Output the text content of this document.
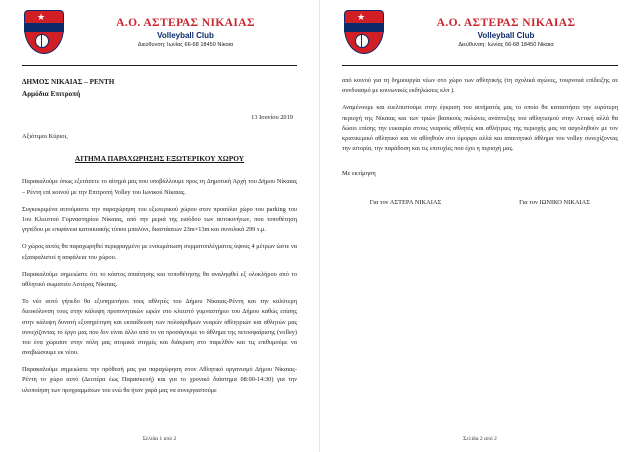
★
Α.Ο. ΑΣΤΕΡΑΣ ΝΙΚΑΙΑΣ
Volleyball Club
Διεύθυνση: Ιωνίας 66-68 18450 Νίκαια
ΔΗΜΟΣ ΝΙΚΑΙΑΣ – ΡΕΝΤΗ
Αρμόδια Επιτροπή
13 Ιουνίου 2019
Αξιότιμοι Κύριοι,
ΑΙΤΗΜΑ ΠΑΡΑΧΩΡΗΣΗΣ ΕΞΩΤΕΡΙΚΟΥ ΧΩΡΟΥ

Παρακαλούμε όπως εξετάσετε το αίτημά μας που υποβάλλουμε προς τη Δημοτική Αρχή του Δήμου Νίκαιας – Ρέντη επί κοινού με την Επιτροπή Volley του Ιωνικού Νίκαιας.

Συγκεκριμένα αιτούμαστε την παραχώρηση του εξωτερικού χώρου στον προαύλιο χώρο του parking του 1ου Κλειστού Γυμναστηρίου Νίκαιας, από την μεριά της εισόδου των αυτοκινήτων, που τοποθέτηση γηπέδου με επιφάνεια κατοικιακής τύπου μπαλόνι, διαστάσεων 23m×13m και συνολικά 299 τ.μ.

Ο χώρος αυτός θα παραχωρηθεί περιφραγμένο με ενσωμάτωση συρματοπλέγματος ύψους 4 μέτρων ώστε να εξασφαλιστεί η ασφάλεια του χώρου.

Παρακαλούμε σημειώστε ότι το κόστος απαίτησης και τοποθέτησης θα αναληφθεί εξ ολοκλήρου από το αθλητικό σωματείο Αστέρας Νίκαιας.

Το νέο αυτό γήπεδο θα εξυπηρετήσει τους αθλητές του Δήμου Νίκαιας-Ρέντη και την καλύτερη διευκόλυνση τους στην κάλυψη προπονητικών ωρών στο κλειστό γυμναστήριο του Δήμου καθώς επίσης στην κάλυψη δυνατή εξυπηρέτηση και εκπαίδευση των πολυάριθμων νεαρών αθλητριών και αθλητών μας συνεχίζοντας το έργο μας που δεν είναι άλλο από το να προσάγουμε το άθλημα της πετοσφαίρισης (volley) του ένα χώρισαν στην πόλη μας ατομικά στιγμές και διάκριση στο παρελθόν και τις επιθυμούμε να αναβιώσουμε εκ νέου.

Παρακαλούμε σημειώστε την πρόθεσή μας για παραχώρηση στον Αθλητικό οργανισμό Δήμου Νίκαιας-Ρέντη το χώρο αυτό (Δευτέρα έως Παρασκευή) και για το χρονικό διάστημα 08:00-14:30) για την υλοποίηση των προγραμμάτων του ενώ θα ήταν χαρά μας να συνεργαστούμε

Σελίδα 1 από 2
★
Α.Ο. ΑΣΤΕΡΑΣ ΝΙΚΑΙΑΣ
Volleyball Club
Διεύθυνση: Ιωνίας 66-68 18450 Νίκαια

από κοινού για τη δημιουργία νέων στο χώρο των αθλητικής (τη σχολικά αγώνες, τουρνουά επίδειξης σε συνδυασμό με κοινωνικές εκδηλώσεις κλπ ).

Αναμένουμε και ευελπιστούμε στην έγκριση του αιτήματός μας το οποίο θα καταστήσει την ευρύτερη περιοχή της Νίκαιας και των τριών βασικούς πυλώνες ανάπτυξης του αθλητισμού στην Αττική αλλά θα δώσει επίσης την ευκαιρία στους νεαρούς αθλητές και αθλήτριες της περιοχής μας να ασχοληθούν με τον κρατικεμικό αθλητικό και να αθληθούν στο όμορφο αλλά και απαιτητικό άθλημα του volley συνεχίζοντας την ιστορία, την παράδοση και τις επιτυχίες που έχει η περιοχή μας.

Με εκτίμηση
Για τον ΑΣΤΕΡΑ ΝΙΚΑΙΑΣ	Για τον ΙΩΝΙΚΟ ΝΙΚΑΙΑΣ
Σελίδα 2 από 2
